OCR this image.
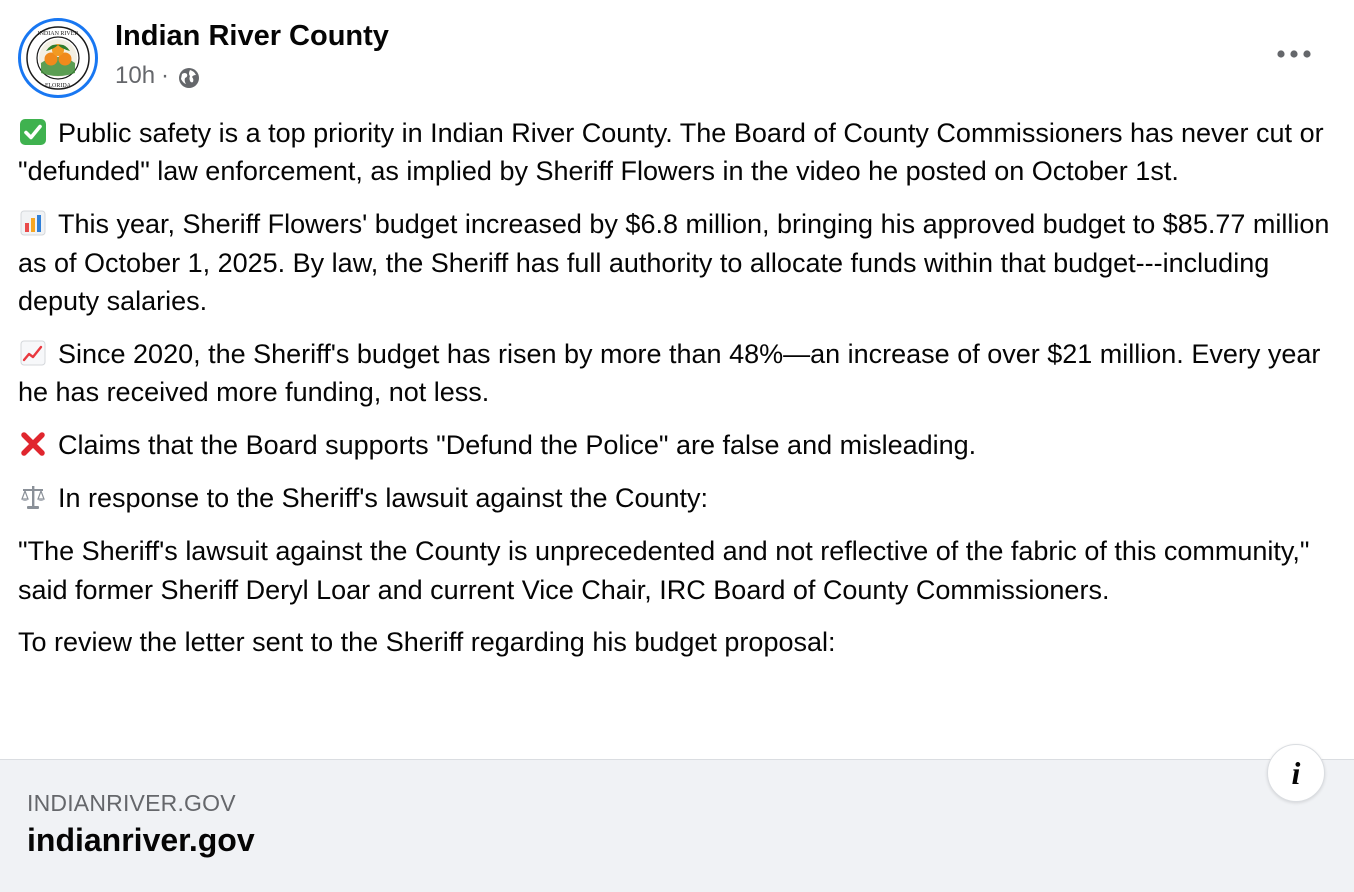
INDIAN RIVER
FLORIDA
Indian River County
10h ·

Public safety is a top priority in Indian River County. The Board of County Commissioners has never cut or "defunded" law enforcement, as implied by Sheriff Flowers in the video he posted on October 1st.

This year, Sheriff Flowers' budget increased by $6.8 million, bringing his approved budget to $85.77 million as of October 1, 2025. By law, the Sheriff has full authority to allocate funds within that budget---including deputy salaries.

Since 2020, the Sheriff's budget has risen by more than 48%—an increase of over $21 million. Every year he has received more funding, not less.

Claims that the Board supports "Defund the Police" are false and misleading.

In response to the Sheriff's lawsuit against the County:

"The Sheriff's lawsuit against the County is unprecedented and not reflective of the fabric of this community," said former Sheriff Deryl Loar and current Vice Chair, IRC Board of County Commissioners.

To review the letter sent to the Sheriff regarding his budget proposal:

INDIANRIVER.GOV
indianriver.gov
i
